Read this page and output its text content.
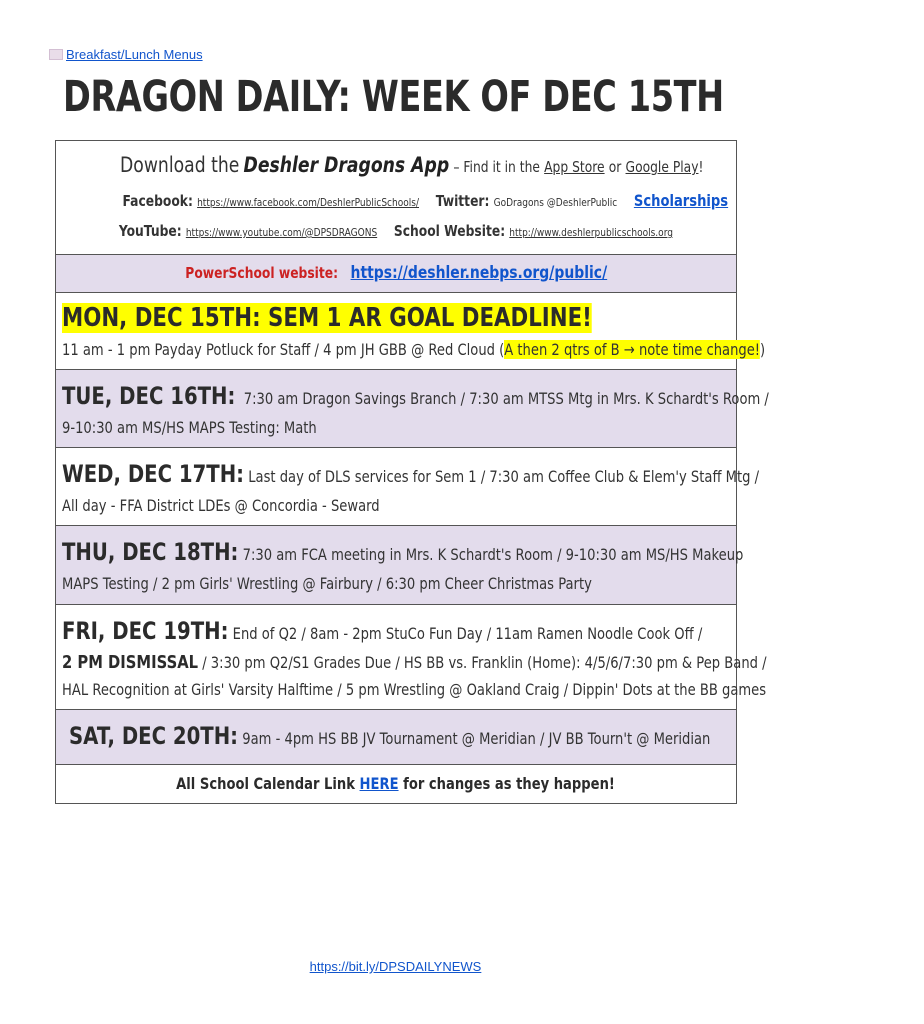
Breakfast/Lunch Menus
DRAGON DAILY: WEEK OF DEC 15TH
Download the Deshler Dragons App – Find it in the App Store or Google Play!
Facebook: https://www.facebook.com/DeshlerPublicSchools/ Twitter: GoDragons @DeshlerPublic Scholarships
YouTube: https://www.youtube.com/@DPSDRAGONS School Website: http://www.deshlerpublicschools.org
PowerSchool website: https://deshler.nebps.org/public/
MON, DEC 15TH: SEM 1 AR GOAL DEADLINE!
11 am - 1 pm Payday Potluck for Staff / 4 pm JH GBB @ Red Cloud (A then 2 qtrs of B → note time change!)
TUE, DEC 16TH: 7:30 am Dragon Savings Branch / 7:30 am MTSS Mtg in Mrs. K Schardt's Room /
9-10:30 am MS/HS MAPS Testing: Math
WED, DEC 17TH: Last day of DLS services for Sem 1 / 7:30 am Coffee Club & Elem'y Staff Mtg /
All day - FFA District LDEs @ Concordia - Seward
THU, DEC 18TH: 7:30 am FCA meeting in Mrs. K Schardt's Room / 9-10:30 am MS/HS Makeup
MAPS Testing / 2 pm Girls' Wrestling @ Fairbury / 6:30 pm Cheer Christmas Party
FRI, DEC 19TH: End of Q2 / 8am - 2pm StuCo Fun Day / 11am Ramen Noodle Cook Off /
2 PM DISMISSAL / 3:30 pm Q2/S1 Grades Due / HS BB vs. Franklin (Home): 4/5/6/7:30 pm & Pep Band /
HAL Recognition at Girls' Varsity Halftime / 5 pm Wrestling @ Oakland Craig / Dippin' Dots at the BB games
SAT, DEC 20TH: 9am - 4pm HS BB JV Tournament @ Meridian / JV BB Tourn't @ Meridian
All School Calendar Link HERE for changes as they happen!
https://bit.ly/DPSDAILYNEWS
